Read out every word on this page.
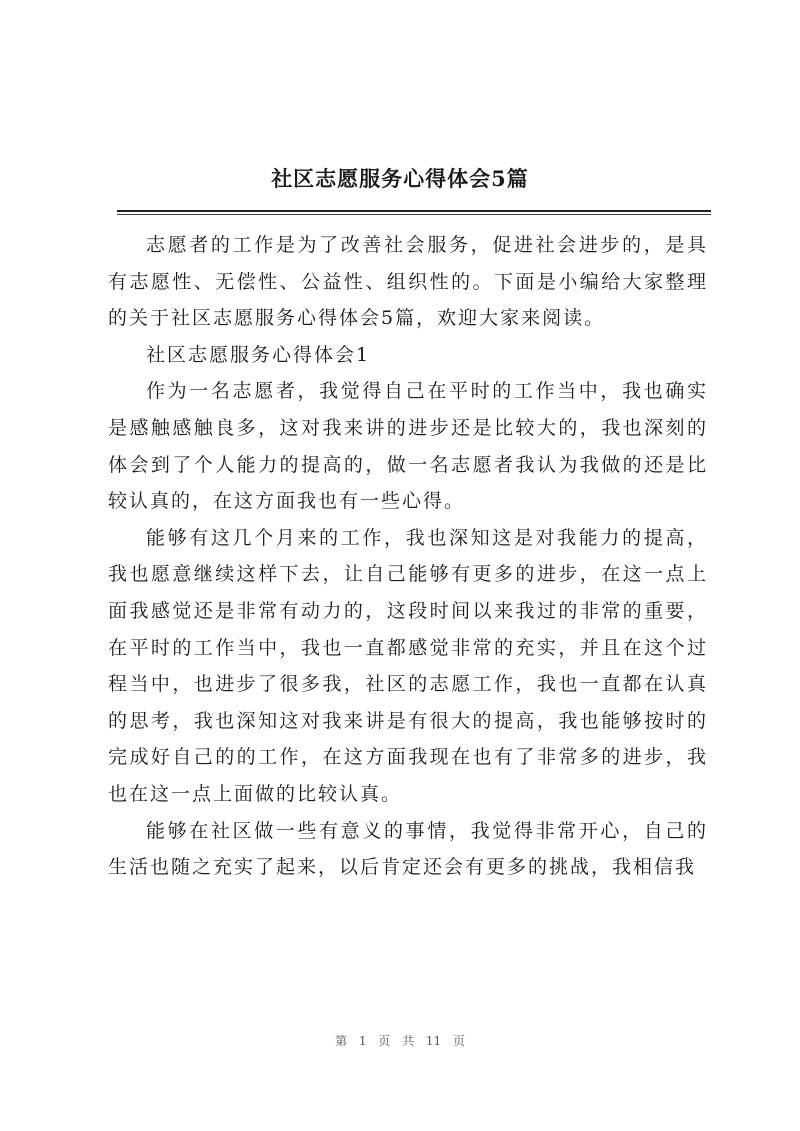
社区志愿服务心得体会5篇

志愿者的工作是为了改善社会服务，促进社会进步的，是具有志愿性、无偿性、公益性、组织性的。下面是小编给大家整理的关于社区志愿服务心得体会5篇，欢迎大家来阅读。

社区志愿服务心得体会1

作为一名志愿者，我觉得自己在平时的工作当中，我也确实是感触感触良多，这对我来讲的进步还是比较大的，我也深刻的体会到了个人能力的提高的，做一名志愿者我认为我做的还是比较认真的，在这方面我也有一些心得。

能够有这几个月来的工作，我也深知这是对我能力的提高，我也愿意继续这样下去，让自己能够有更多的进步，在这一点上面我感觉还是非常有动力的，这段时间以来我过的非常的重要，在平时的工作当中，我也一直都感觉非常的充实，并且在这个过程当中，也进步了很多我，社区的志愿工作，我也一直都在认真的思考，我也深知这对我来讲是有很大的提高，我也能够按时的完成好自己的的工作，在这方面我现在也有了非常多的进步，我也在这一点上面做的比较认真。

能够在社区做一些有意义的事情，我觉得非常开心，自己的生活也随之充实了起来，以后肯定还会有更多的挑战，我相信我

第 1 页 共 11 页
